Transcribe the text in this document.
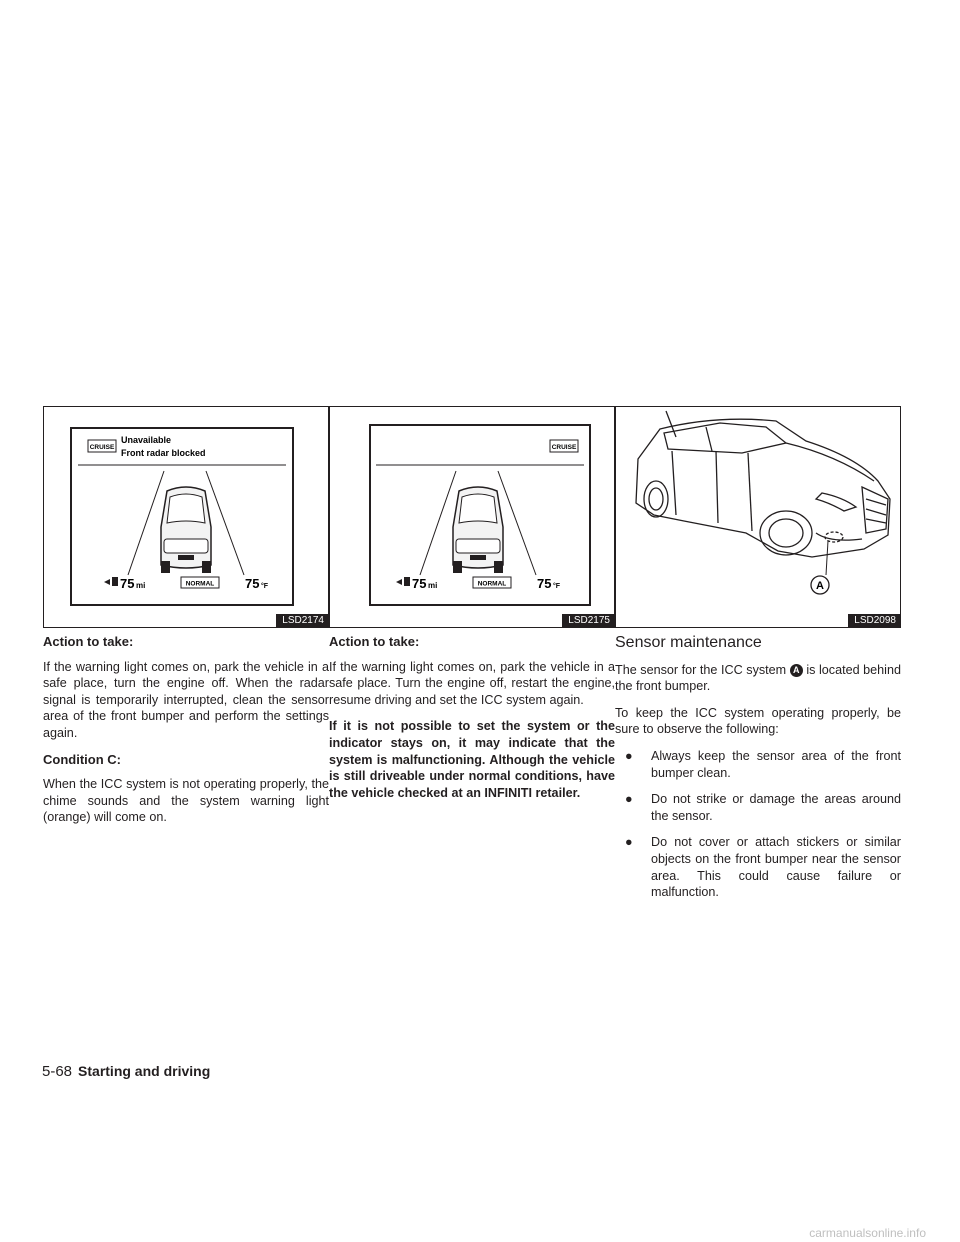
CRUISE
Unavailable
Front radar blocked
75 mi	NORMAL 75 °F
LSD2174
CRUISE
75 mi	NORMAL 75 °F
LSD2175
A
LSD2098
Action to take:

If the warning light comes on, park the vehicle in a safe place, turn the engine off. When the radar signal is temporarily interrupted, clean the sensor area of the front bumper and perform the settings again.

Condition C:

When the ICC system is not operating properly, the chime sounds and the system warning light (orange) will come on.

Action to take:

If the warning light comes on, park the vehicle in a safe place. Turn the engine off, restart the engine, resume driving and set the ICC system again.

If it is not possible to set the system or the indicator stays on, it may indicate that the system is malfunctioning. Although the vehicle is still driveable under normal conditions, have the vehicle checked at an INFINITI retailer.

Sensor maintenance

The sensor for the ICC system A is located behind the front bumper.

To keep the ICC system operating properly, be sure to observe the following:

● Always keep the sensor area of the front bumper clean.
● Do not strike or damage the areas around the sensor.
● Do not cover or attach stickers or similar objects on the front bumper near the sensor area. This could cause failure or malfunction.
5-68 Starting and driving
carmanualsonline.info
